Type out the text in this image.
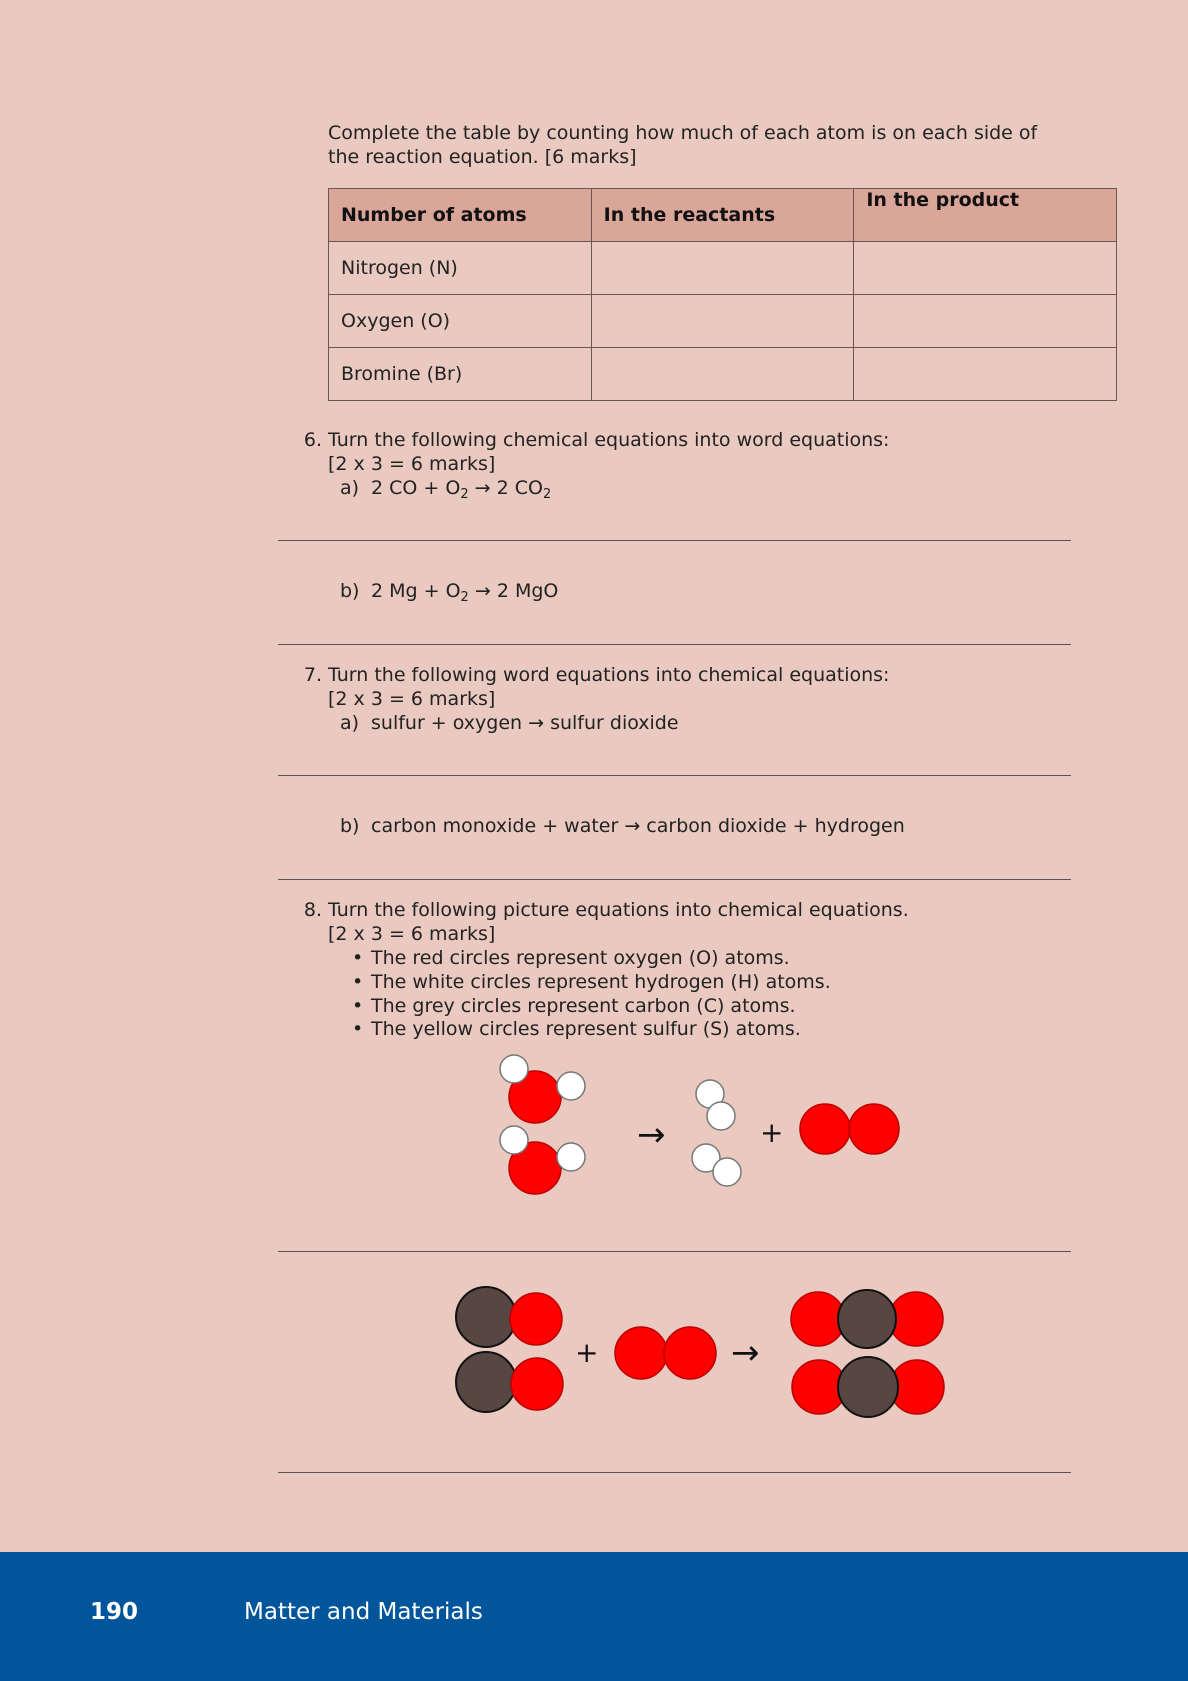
Complete the table by counting how much of each atom is on each side of
the reaction equation. [6 marks]
Number of atoms	In the reactants	In the product
Nitrogen (N)		
Oxygen (O)		
Bromine (Br)		
6. Turn the following chemical equations into word equations:
[2 x 3 = 6 marks]
a) 2 CO + $O_2 \to 2$ $CO_2$
b) 2 $Mg + O_2 \to 2$ MgO
7. Turn the following word equations into chemical equations:
[2 x 3 = 6 marks]
a) sulfur + oxygen → sulfur dioxide
b) carbon monoxide + water → carbon dioxide + hydrogen
8. Turn the following picture equations into chemical equations.
[2 x 3 = 6 marks]
• The red circles represent oxygen (O) atoms.
• The white circles represent hydrogen (H) atoms.
• The grey circles represent carbon (C) atoms.
• The yellow circles represent sulfur (S) atoms.
→	+
+	→
190	Matter and Materials
